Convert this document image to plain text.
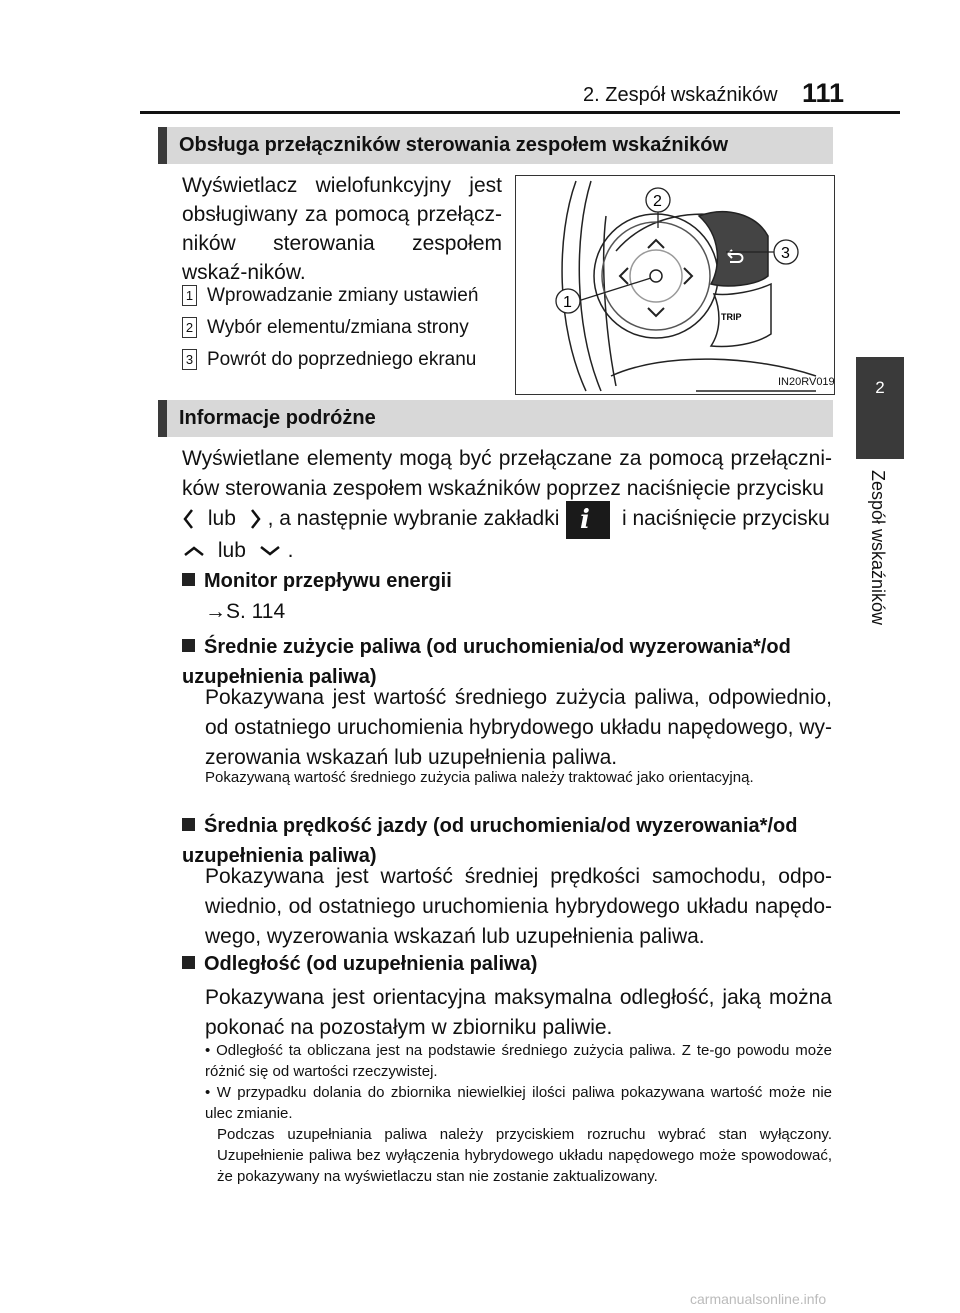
2. Zespół wskaźników 111
2
Zespół wskaźników
Obsługa przełączników sterowania zespołem wskaźników
Wyświetlacz wielofunkcyjny jest obsługiwany za pomocą przełącz-ników sterowania zespołem wskaź-ników.
1 Wprowadzanie zmiany ustawień
2 Wybór elementu/zmiana strony
3 Powrót do poprzedniego ekranu
TRIP
2
3
1
IN20RV019
Informacje podróżne
Wyświetlane elementy mogą być przełączane za pomocą przełączni-ków sterowania zespołem wskaźników poprzez naciśnięcie przycisku
lub , a następnie wybranie zakładki i i naciśnięcie przycisku
lub .
Monitor przepływu energii
→S. 114
Średnie zużycie paliwa (od uruchomienia/od wyzerowania*/od uzupełnienia paliwa)
Pokazywana jest wartość średniego zużycia paliwa, odpowiednio, od ostatniego uruchomienia hybrydowego układu napędowego, wy-zerowania wskazań lub uzupełnienia paliwa.
Pokazywaną wartość średniego zużycia paliwa należy traktować jako orientacyjną.
Średnia prędkość jazdy (od uruchomienia/od wyzerowania*/od uzupełnienia paliwa)
Pokazywana jest wartość średniej prędkości samochodu, odpo-wiednio, od ostatniego uruchomienia hybrydowego układu napędo-wego, wyzerowania wskazań lub uzupełnienia paliwa.
Odległość (od uzupełnienia paliwa)
Pokazywana jest orientacyjna maksymalna odległość, jaką można pokonać na pozostałym w zbiorniku paliwie.
• Odległość ta obliczana jest na podstawie średniego zużycia paliwa. Z te-go powodu może różnić się od wartości rzeczywistej.
• W przypadku dolania do zbiornika niewielkiej ilości paliwa pokazywana wartość może nie ulec zmianie.
Podczas uzupełniania paliwa należy przyciskiem rozruchu wybrać stan wyłączony. Uzupełnienie paliwa bez wyłączenia hybrydowego układu napędowego może spowodować, że pokazywany na wyświetlaczu stan nie zostanie zaktualizowany.
carmanualsonline.info
